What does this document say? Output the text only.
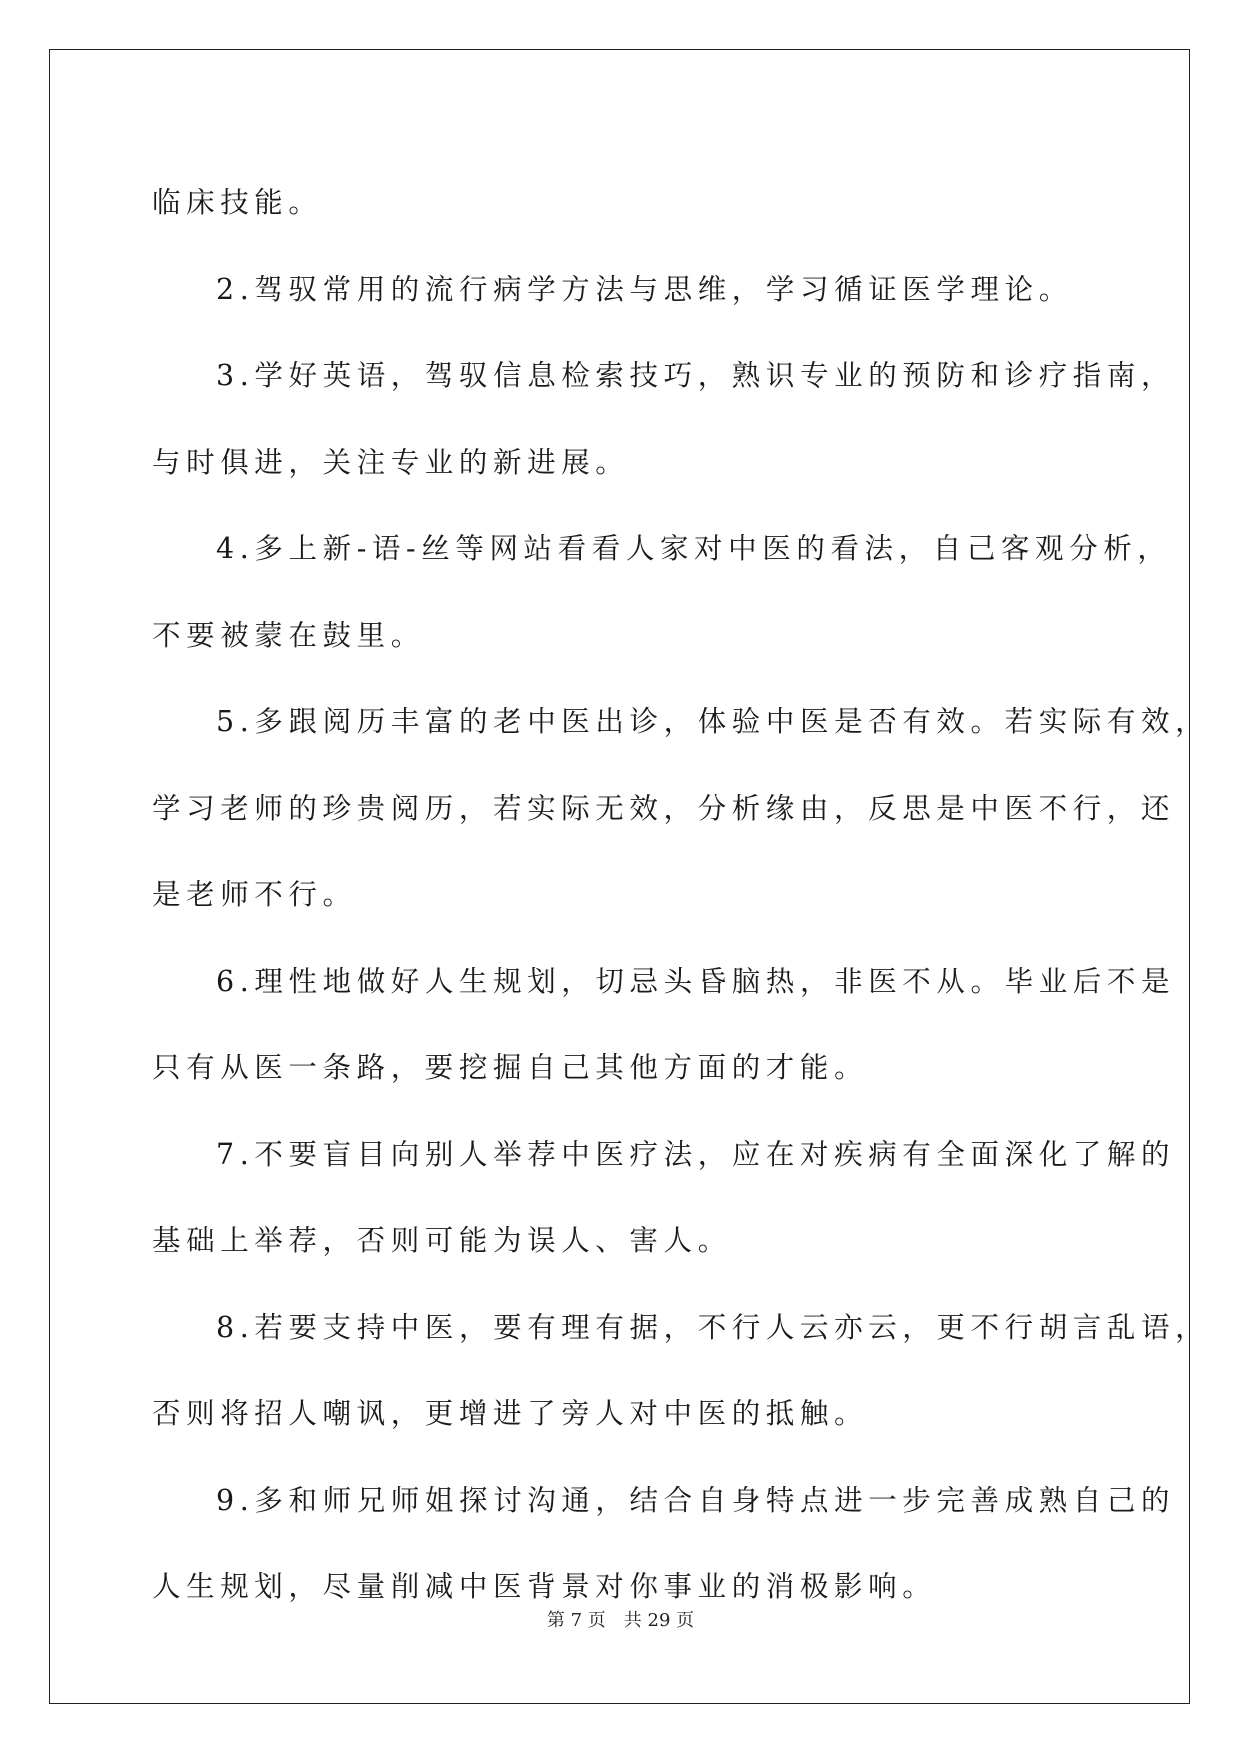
临床技能。
2.驾驭常用的流行病学方法与思维，学习循证医学理论。
3.学好英语，驾驭信息检索技巧，熟识专业的预防和诊疗指南，
与时俱进，关注专业的新进展。
4.多上新-语-丝等网站看看人家对中医的看法，自己客观分析，
不要被蒙在鼓里。
5.多跟阅历丰富的老中医出诊，体验中医是否有效。若实际有效，
学习老师的珍贵阅历，若实际无效，分析缘由，反思是中医不行，还
是老师不行。
6.理性地做好人生规划，切忌头昏脑热，非医不从。毕业后不是
只有从医一条路，要挖掘自己其他方面的才能。
7.不要盲目向别人举荐中医疗法，应在对疾病有全面深化了解的
基础上举荐，否则可能为误人、害人。
8.若要支持中医，要有理有据，不行人云亦云，更不行胡言乱语，
否则将招人嘲讽，更增进了旁人对中医的抵触。
9.多和师兄师姐探讨沟通，结合自身特点进一步完善成熟自己的
人生规划，尽量削减中医背景对你事业的消极影响。
第 7 页 共 29 页
